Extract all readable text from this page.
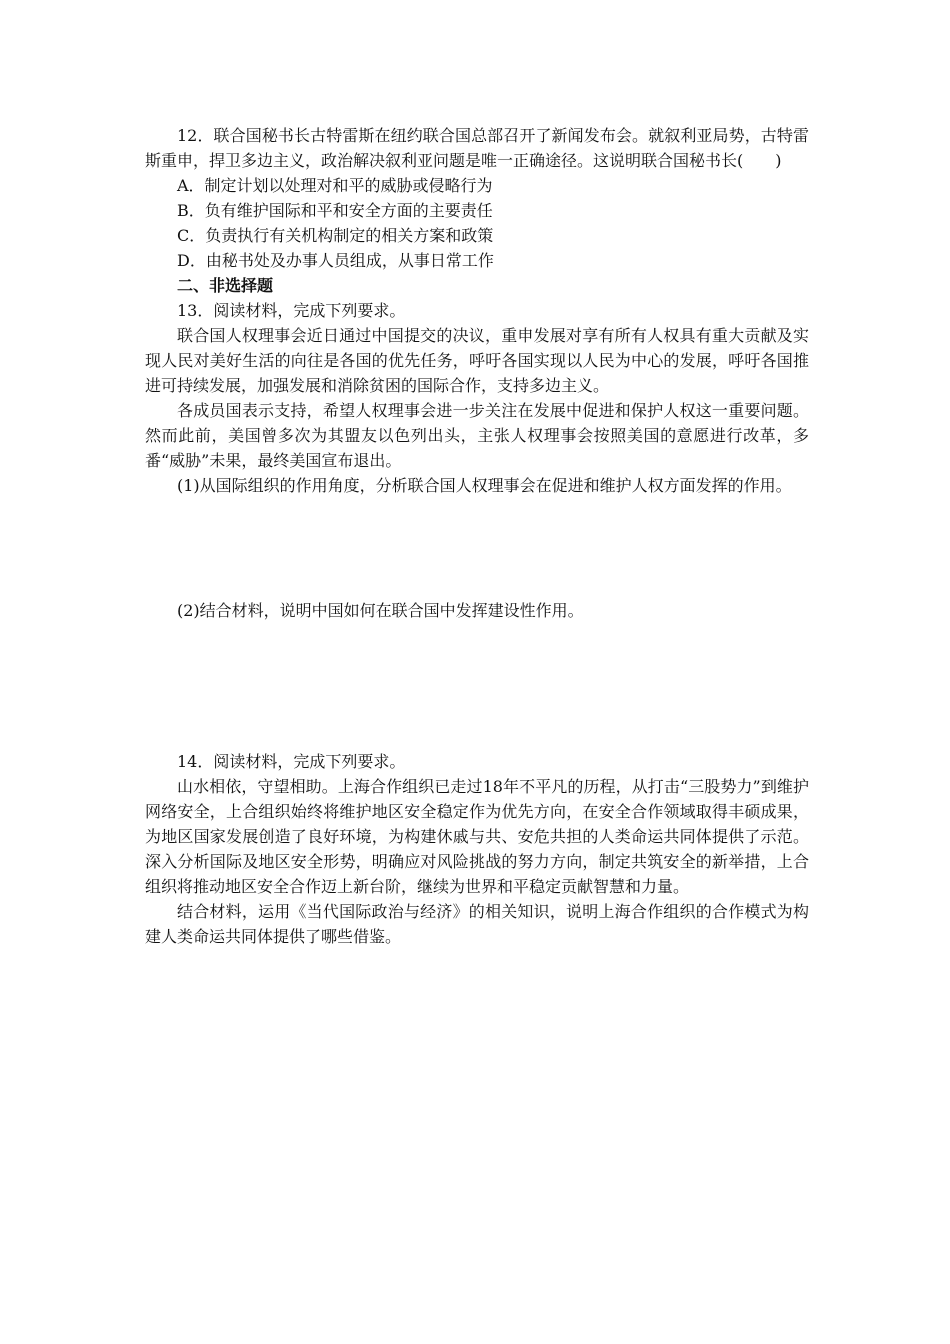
12．联合国秘书长古特雷斯在纽约联合国总部召开了新闻发布会。就叙利亚局势，古特雷斯重申，捍卫多边主义，政治解决叙利亚问题是唯一正确途径。这说明联合国秘书长(　　)

A．制定计划以处理对和平的威胁或侵略行为

B．负有维护国际和平和安全方面的主要责任

C．负责执行有关机构制定的相关方案和政策

D．由秘书处及办事人员组成，从事日常工作

二、非选择题

13．阅读材料，完成下列要求。

联合国人权理事会近日通过中国提交的决议，重申发展对享有所有人权具有重大贡献及实现人民对美好生活的向往是各国的优先任务，呼吁各国实现以人民为中心的发展，呼吁各国推进可持续发展，加强发展和消除贫困的国际合作，支持多边主义。

各成员国表示支持，希望人权理事会进一步关注在发展中促进和保护人权这一重要问题。然而此前，美国曾多次为其盟友以色列出头，主张人权理事会按照美国的意愿进行改革，多番“威胁”未果，最终美国宣布退出。

(1)从国际组织的作用角度，分析联合国人权理事会在促进和维护人权方面发挥的作用。

(2)结合材料，说明中国如何在联合国中发挥建设性作用。

14．阅读材料，完成下列要求。

山水相依，守望相助。上海合作组织已走过18年不平凡的历程，从打击“三股势力”到维护网络安全，上合组织始终将维护地区安全稳定作为优先方向，在安全合作领域取得丰硕成果，为地区国家发展创造了良好环境，为构建休戚与共、安危共担的人类命运共同体提供了示范。深入分析国际及地区安全形势，明确应对风险挑战的努力方向，制定共筑安全的新举措，上合组织将推动地区安全合作迈上新台阶，继续为世界和平稳定贡献智慧和力量。

结合材料，运用《当代国际政治与经济》的相关知识，说明上海合作组织的合作模式为构建人类命运共同体提供了哪些借鉴。
